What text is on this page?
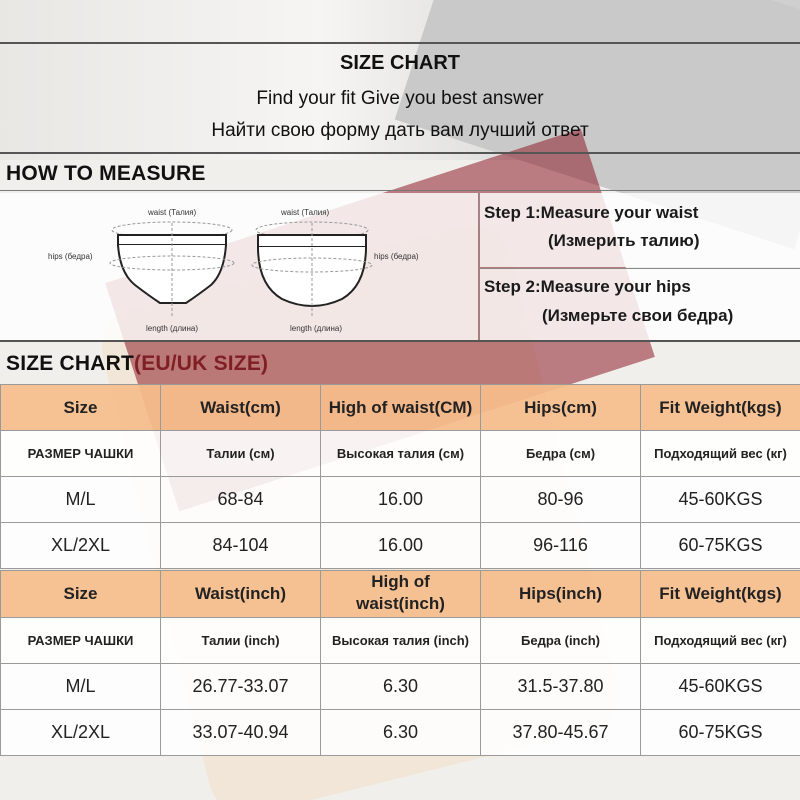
SIZE CHART
Find your fit Give you best answer
Найти свою форму дать вам лучший ответ
HOW TO MEASURE
waist (Талия)
hips (бедра)
length (длина)
waist (Талия)
hips (бедра)
length (длина)
Step 1:Measure your waist
(Измерить талию)
Step 2:Measure your hips
(Измерьте свои бедра)
SIZE CHART(EU/UK SIZE)
Size	Waist(cm)	High of waist(CM)	Hips(cm)	Fit Weight(kgs)
РАЗМЕР ЧАШКИ	Талии (см)	Высокая талия (см)	Бедра (см)	Подходящий вес (кг)
M/L	68-84	16.00	80-96	45-60KGS
XL/2XL	84-104	16.00	96-116	60-75KGS
Size	Waist(inch)	High of waist(inch)	Hips(inch)	Fit Weight(kgs)
РАЗМЕР ЧАШКИ	Талии (inch)	Высокая талия (inch)	Бедра (inch)	Подходящий вес (кг)
M/L	26.77-33.07	6.30	31.5-37.80	45-60KGS
XL/2XL	33.07-40.94	6.30	37.80-45.67	60-75KGS
